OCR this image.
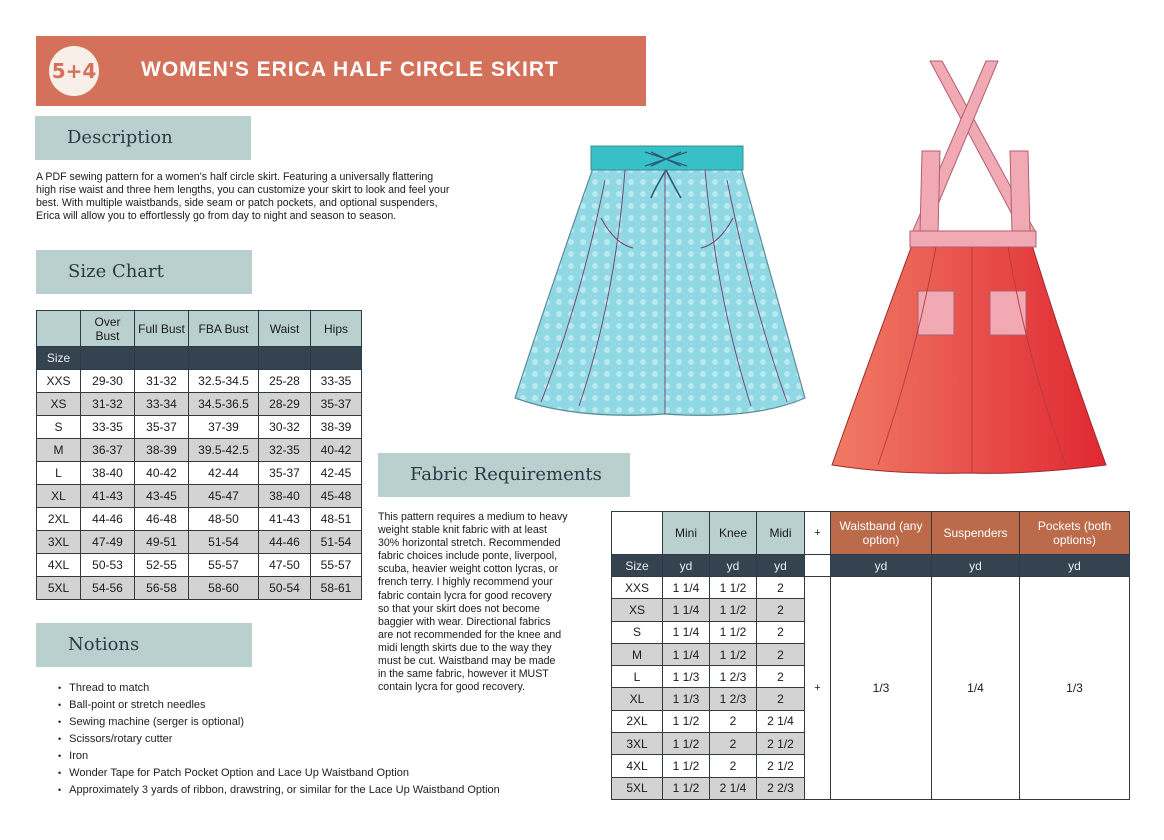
5+4 WOMEN'S ERICA HALF CIRCLE SKIRT
Description
A PDF sewing pattern for a women's half circle skirt. Featuring a universally flattering
high rise waist and three hem lengths, you can customize your skirt to look and feel your
best. With multiple waistbands, side seam or patch pockets, and optional suspenders,
Erica will allow you to effortlessly go from day to night and season to season.
Size Chart
	Over Bust	Full Bust	FBA Bust	Waist	Hips
Size					
XXS	29-30	31-32	32.5-34.5	25-28	33-35
XS	31-32	33-34	34.5-36.5	28-29	35-37
S	33-35	35-37	37-39	30-32	38-39
M	36-37	38-39	39.5-42.5	32-35	40-42
L	38-40	40-42	42-44	35-37	42-45
XL	41-43	43-45	45-47	38-40	45-48
2XL	44-46	46-48	48-50	41-43	48-51
3XL	47-49	49-51	51-54	44-46	51-54
4XL	50-53	52-55	55-57	47-50	55-57
5XL	54-56	56-58	58-60	50-54	58-61
Notions
• Thread to match
• Ball-point or stretch needles
• Sewing machine (serger is optional)
• Scissors/rotary cutter
• Iron
• Wonder Tape for Patch Pocket Option and Lace Up Waistband Option
• Approximately 3 yards of ribbon, drawstring, or similar for the Lace Up Waistband Option
Fabric Requirements
This pattern requires a medium to heavy
weight stable knit fabric with at least
30% horizontal stretch. Recommended
fabric choices include ponte, liverpool,
scuba, heavier weight cotton lycras, or
french terry. I highly recommend your
fabric contain lycra for good recovery
so that your skirt does not become
baggier with wear. Directional fabrics
are not recommended for the knee and
midi length skirts due to the way they
must be cut. Waistband may be made
in the same fabric, however it MUST
contain lycra for good recovery.
	Mini	Knee	Midi	+	Waistband (any option)	Suspenders	Pockets (both options)
Size	yd	yd	yd		yd	yd	yd
XXS	1 1/4	1 1/2	2	+	1/3	1/4	1/3
XS	1 1/4	1 1/2	2				
S	1 1/4	1 1/2	2				
M	1 1/4	1 1/2	2				
L	1 1/3	1 2/3	2				
XL	1 1/3	1 2/3	2				
2XL	1 1/2	2	2 1/4				
3XL	1 1/2	2	2 1/2				
4XL	1 1/2	2	2 1/2				
5XL	1 1/2	2 1/4	2 2/3				
